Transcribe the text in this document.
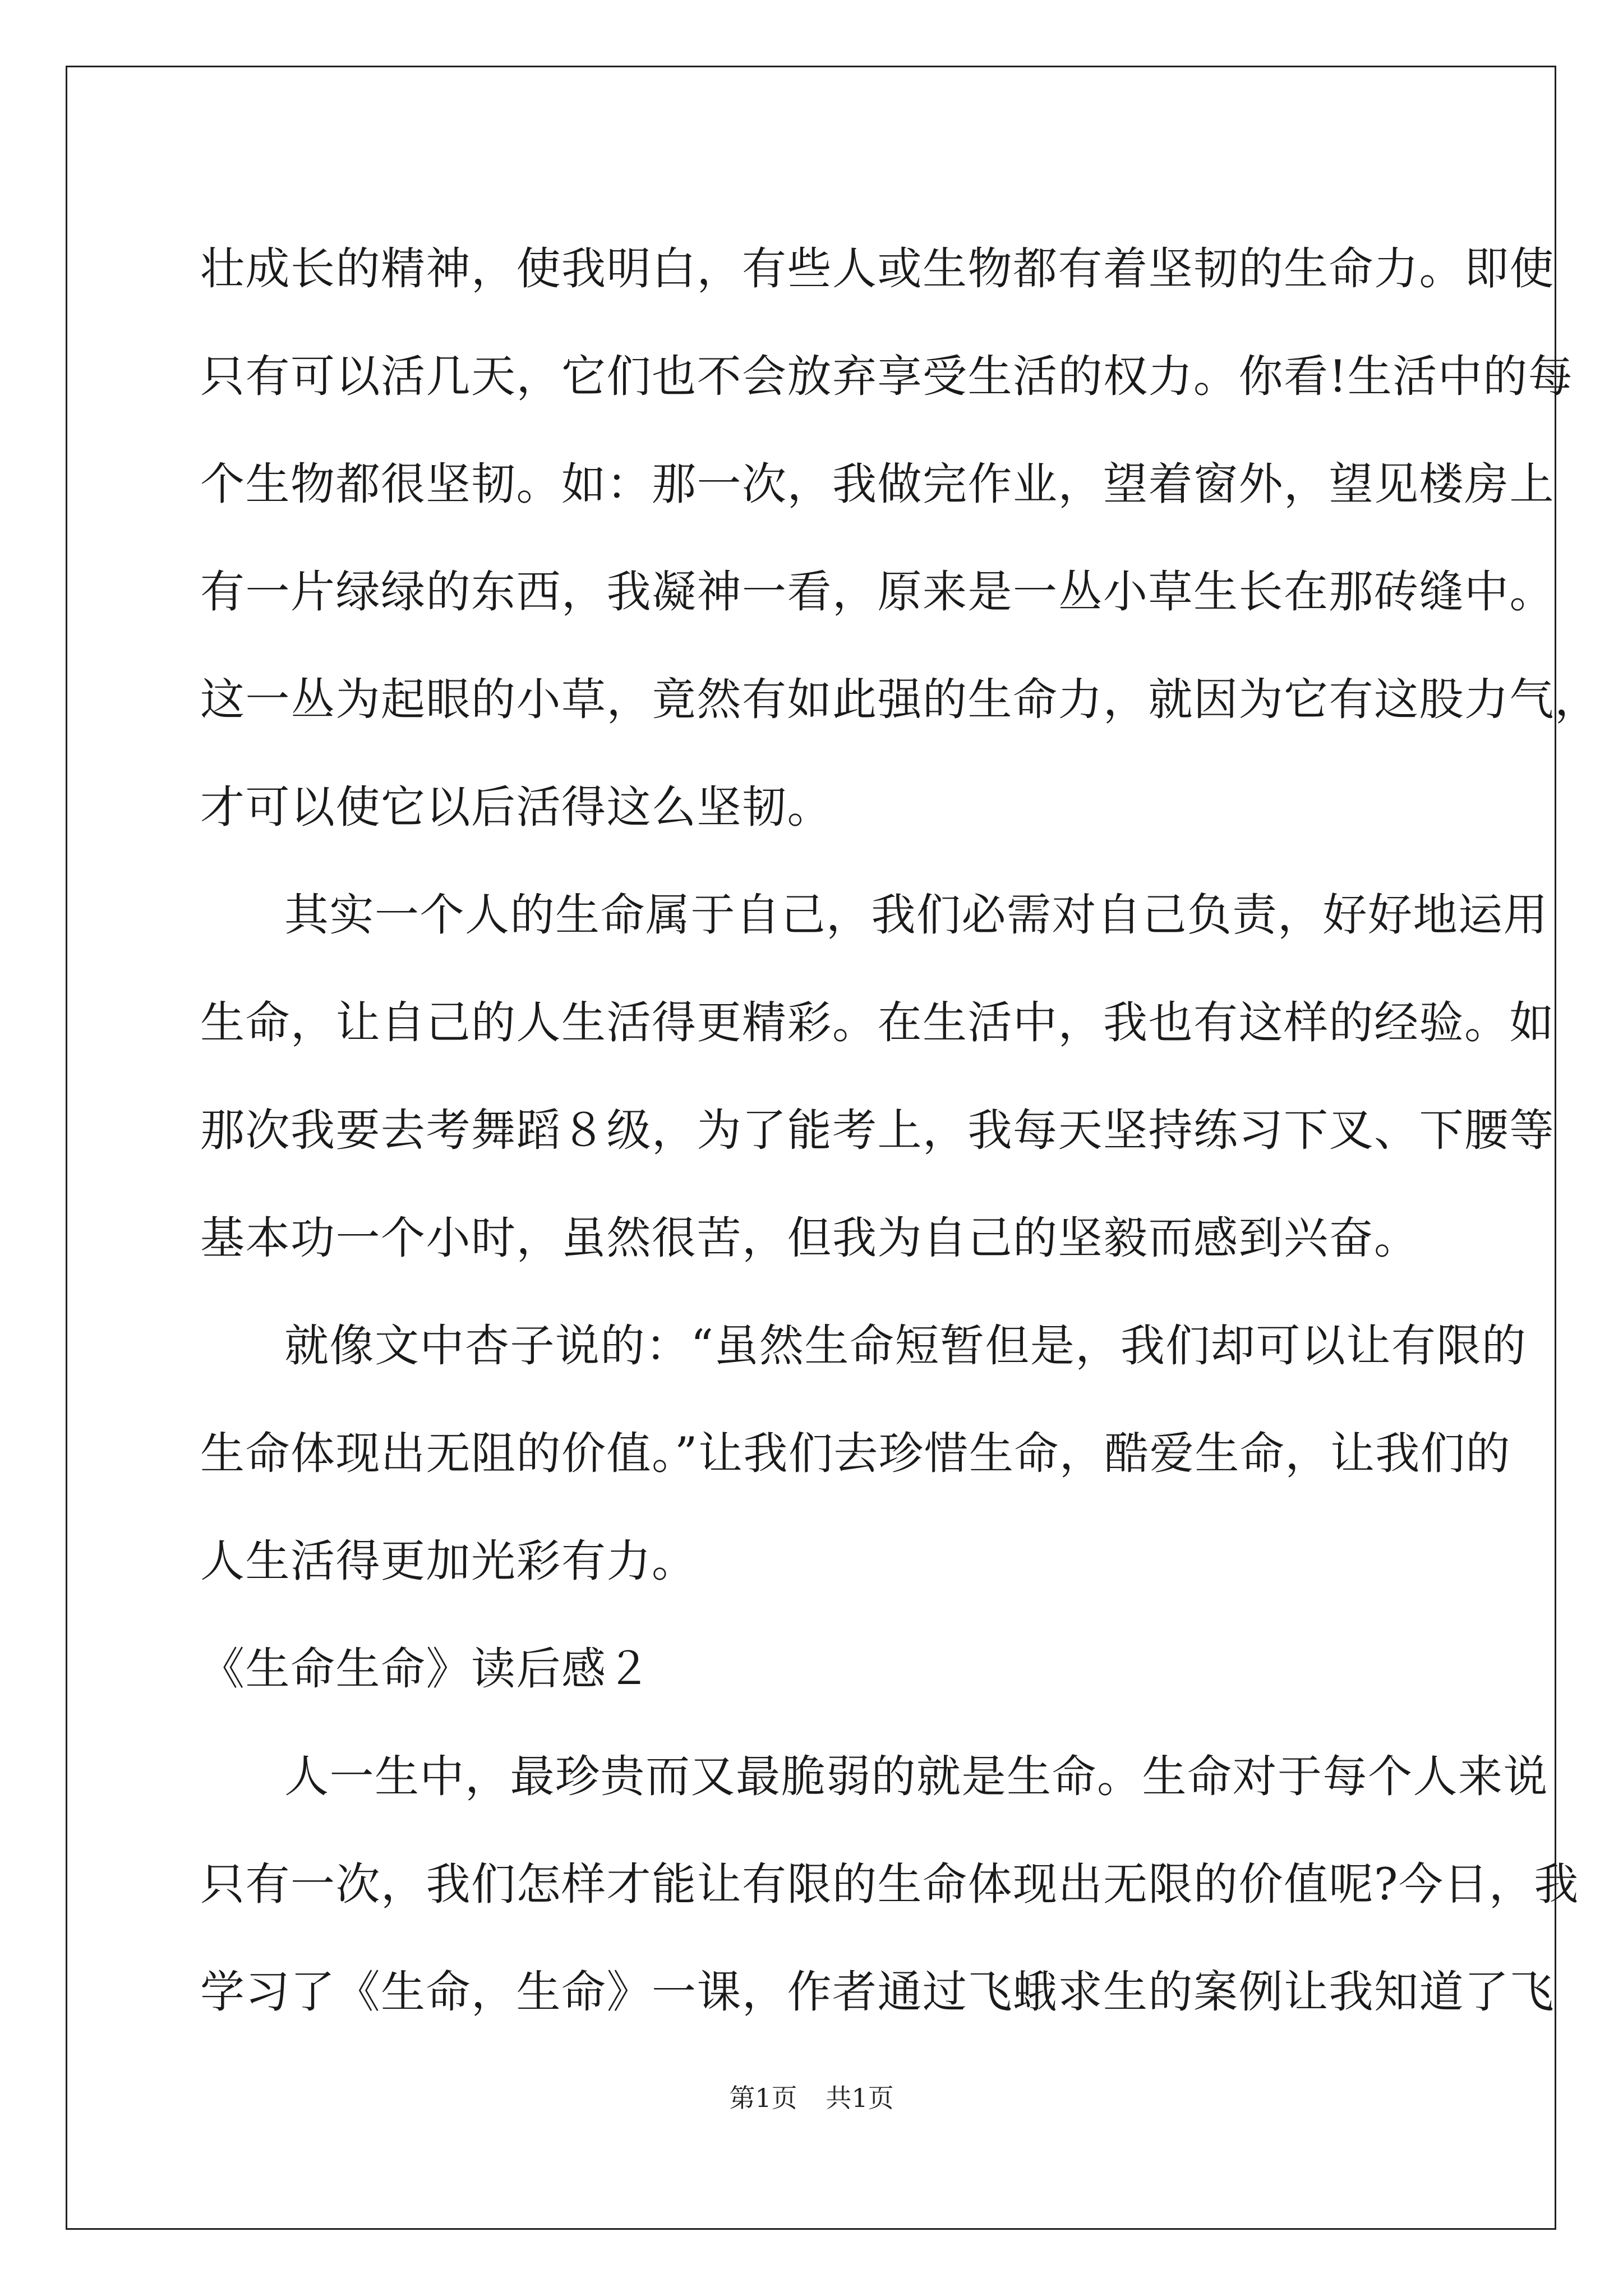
壮成长的精神，使我明白，有些人或生物都有着坚韧的生命力。即使
只有可以活几天，它们也不会放弃享受生活的权力。你看!生活中的每
个生物都很坚韧。如：那一次，我做完作业，望着窗外，望见楼房上
有一片绿绿的东西，我凝神一看，原来是一丛小草生长在那砖缝中。
这一丛为起眼的小草，竟然有如此强的生命力，就因为它有这股力气，
才可以使它以后活得这么坚韧。
其实一个人的生命属于自己，我们必需对自己负责，好好地运用
生命，让自己的人生活得更精彩。在生活中，我也有这样的经验。如
那次我要去考舞蹈８级，为了能考上，我每天坚持练习下叉、下腰等
基本功一个小时，虽然很苦，但我为自己的坚毅而感到兴奋。
就像文中杏子说的：“虽然生命短暂但是，我们却可以让有限的
生命体现出无阻的价值。”让我们去珍惜生命，酷爱生命，让我们的
人生活得更加光彩有力。
《生命生命》读后感２
人一生中，最珍贵而又最脆弱的就是生命。生命对于每个人来说
只有一次，我们怎样才能让有限的生命体现出无限的价值呢?今日，我
学习了《生命，生命》一课，作者通过飞蛾求生的案例让我知道了飞
第1页 共1页
